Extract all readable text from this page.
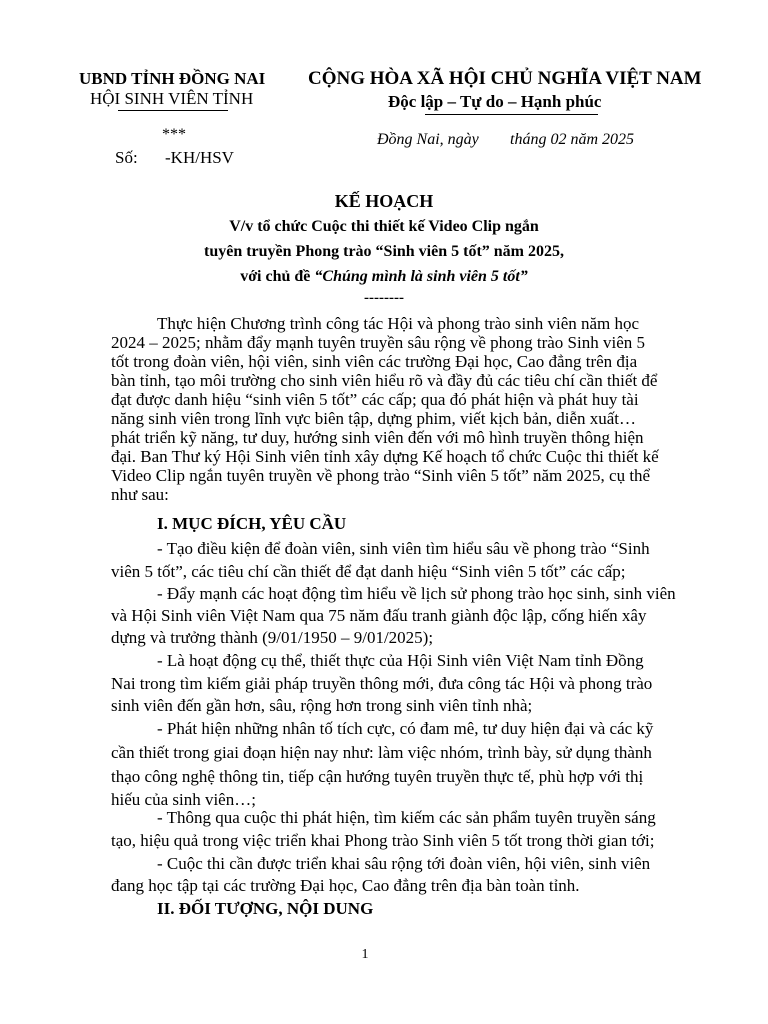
UBND TỈNH ĐỒNG NAI
HỘI SINH VIÊN TỈNH
***
Số: -KH/HSV
CỘNG HÒA XÃ HỘI CHỦ NGHĨA VIỆT NAM
Độc lập – Tự do – Hạnh phúc
Đồng Nai, ngày tháng 02 năm 2025
KẾ HOẠCH
V/v tổ chức Cuộc thi thiết kế Video Clip ngắn
tuyên truyền Phong trào “Sinh viên 5 tốt” năm 2025,
với chủ đề “Chúng mình là sinh viên 5 tốt”
--------
Thực hiện Chương trình công tác Hội và phong trào sinh viên năm học
2024 – 2025; nhằm đẩy mạnh tuyên truyền sâu rộng về phong trào Sinh viên 5
tốt trong đoàn viên, hội viên, sinh viên các trường Đại học, Cao đẳng trên địa
bàn tỉnh, tạo môi trường cho sinh viên hiểu rõ và đầy đủ các tiêu chí cần thiết để
đạt được danh hiệu “sinh viên 5 tốt” các cấp; qua đó phát hiện và phát huy tài
năng sinh viên trong lĩnh vực biên tập, dựng phim, viết kịch bản, diễn xuất…
phát triển kỹ năng, tư duy, hướng sinh viên đến với mô hình truyền thông hiện
đại. Ban Thư ký Hội Sinh viên tỉnh xây dựng Kế hoạch tổ chức Cuộc thi thiết kế
Video Clip ngắn tuyên truyền về phong trào “Sinh viên 5 tốt” năm 2025, cụ thể
như sau:
I. MỤC ĐÍCH, YÊU CẦU
- Tạo điều kiện để đoàn viên, sinh viên tìm hiểu sâu về phong trào “Sinh
viên 5 tốt”, các tiêu chí cần thiết để đạt danh hiệu “Sinh viên 5 tốt” các cấp;
- Đẩy mạnh các hoạt động tìm hiểu về lịch sử phong trào học sinh, sinh viên
và Hội Sinh viên Việt Nam qua 75 năm đấu tranh giành độc lập, cống hiến xây
dựng và trưởng thành (9/01/1950 – 9/01/2025);
- Là hoạt động cụ thể, thiết thực của Hội Sinh viên Việt Nam tỉnh Đồng
Nai trong tìm kiếm giải pháp truyền thông mới, đưa công tác Hội và phong trào
sinh viên đến gần hơn, sâu, rộng hơn trong sinh viên tỉnh nhà;
- Phát hiện những nhân tố tích cực, có đam mê, tư duy hiện đại và các kỹ
cần thiết trong giai đoạn hiện nay như: làm việc nhóm, trình bày, sử dụng thành
thạo công nghệ thông tin, tiếp cận hướng tuyên truyền thực tế, phù hợp với thị
hiếu của sinh viên…;
- Thông qua cuộc thi phát hiện, tìm kiếm các sản phẩm tuyên truyền sáng
tạo, hiệu quả trong việc triển khai Phong trào Sinh viên 5 tốt trong thời gian tới;
- Cuộc thi cần được triển khai sâu rộng tới đoàn viên, hội viên, sinh viên
đang học tập tại các trường Đại học, Cao đẳng trên địa bàn toàn tỉnh.
II. ĐỐI TƯỢNG, NỘI DUNG
1
